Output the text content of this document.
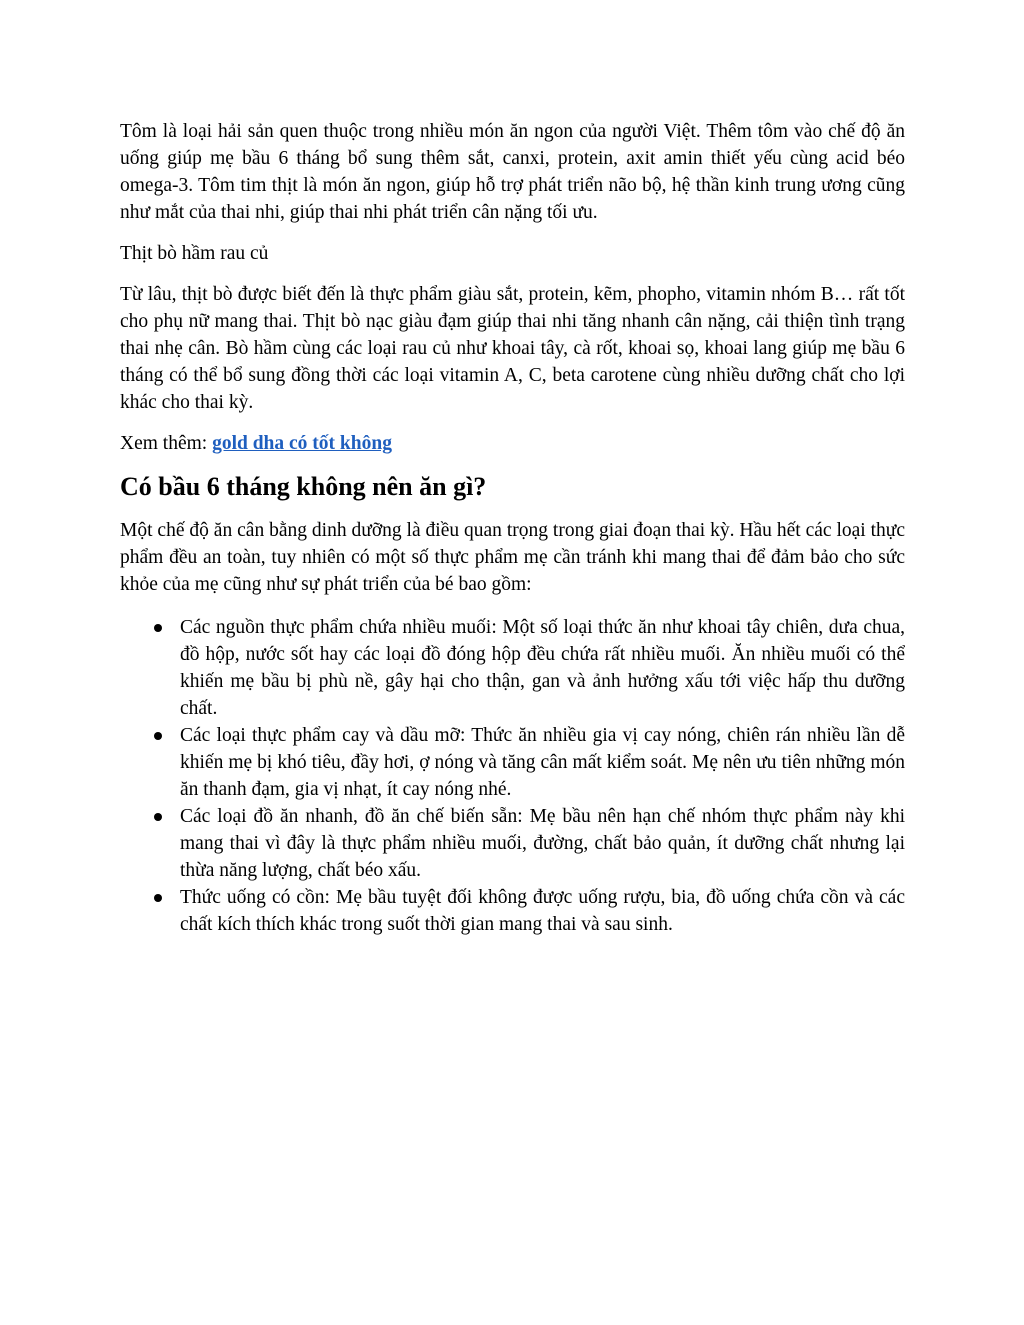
Tôm là loại hải sản quen thuộc trong nhiều món ăn ngon của người Việt. Thêm tôm vào chế độ ăn uống giúp mẹ bầu 6 tháng bổ sung thêm sắt, canxi, protein, axit amin thiết yếu cùng acid béo omega-3. Tôm tim thịt là món ăn ngon, giúp hỗ trợ phát triển não bộ, hệ thần kinh trung ương cũng như mắt của thai nhi, giúp thai nhi phát triển cân nặng tối ưu.

Thịt bò hầm rau củ

Từ lâu, thịt bò được biết đến là thực phẩm giàu sắt, protein, kẽm, phopho, vitamin nhóm B… rất tốt cho phụ nữ mang thai. Thịt bò nạc giàu đạm giúp thai nhi tăng nhanh cân nặng, cải thiện tình trạng thai nhẹ cân. Bò hầm cùng các loại rau củ như khoai tây, cà rốt, khoai sọ, khoai lang giúp mẹ bầu 6 tháng có thể bổ sung đồng thời các loại vitamin A, C, beta carotene cùng nhiều dưỡng chất cho lợi khác cho thai kỳ.

Xem thêm: gold dha có tốt không

Có bầu 6 tháng không nên ăn gì?

Một chế độ ăn cân bằng dinh dưỡng là điều quan trọng trong giai đoạn thai kỳ. Hầu hết các loại thực phẩm đều an toàn, tuy nhiên có một số thực phẩm mẹ cần tránh khi mang thai để đảm bảo cho sức khỏe của mẹ cũng như sự phát triển của bé bao gồm:

Các nguồn thực phẩm chứa nhiều muối: Một số loại thức ăn như khoai tây chiên, dưa chua, đồ hộp, nước sốt hay các loại đồ đóng hộp đều chứa rất nhiều muối. Ăn nhiều muối có thể khiến mẹ bầu bị phù nề, gây hại cho thận, gan và ảnh hưởng xấu tới việc hấp thu dưỡng chất.
Các loại thực phẩm cay và dầu mỡ: Thức ăn nhiều gia vị cay nóng, chiên rán nhiều lần dễ khiến mẹ bị khó tiêu, đầy hơi, ợ nóng và tăng cân mất kiểm soát. Mẹ nên ưu tiên những món ăn thanh đạm, gia vị nhạt, ít cay nóng nhé.
Các loại đồ ăn nhanh, đồ ăn chế biến sẵn: Mẹ bầu nên hạn chế nhóm thực phẩm này khi mang thai vì đây là thực phẩm nhiều muối, đường, chất bảo quản, ít dưỡng chất nhưng lại thừa năng lượng, chất béo xấu.
Thức uống có cồn: Mẹ bầu tuyệt đối không được uống rượu, bia, đồ uống chứa cồn và các chất kích thích khác trong suốt thời gian mang thai và sau sinh.
